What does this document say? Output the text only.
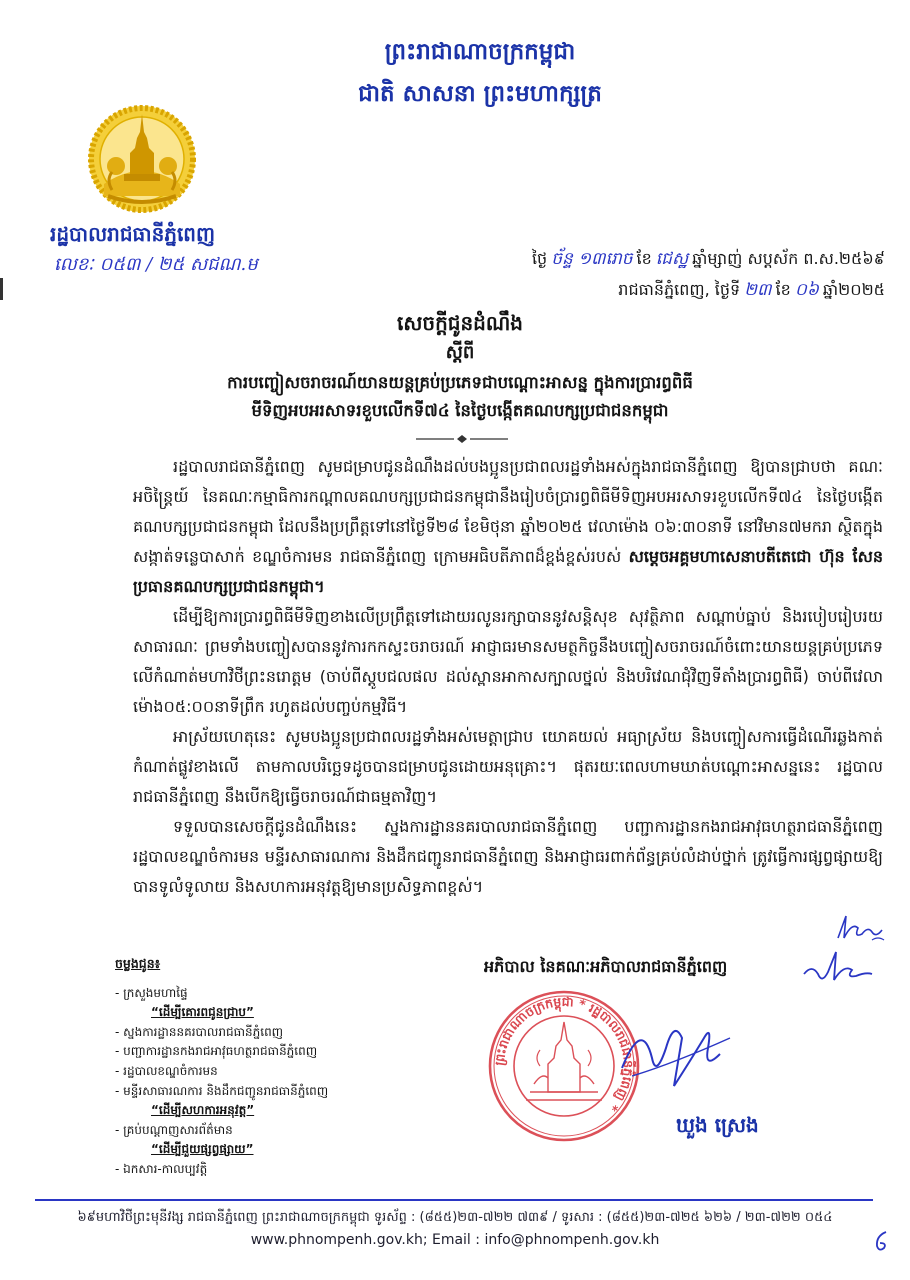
ព្រះរាជាណាចក្រកម្ពុជា
ជាតិ សាសនា ព្រះមហាក្សត្រ
រដ្ឋបាលរាជធានីភ្នំពេញ
លេខៈ ០៥៣ / ២៥ សជណ.ម	ថ្ងៃ ច័ន្ទ ១៣រោច ខែ ជេស្ឋ ឆ្នាំម្សាញ់ សប្តស័ក ព.ស.២៥៦៩
រាជធានីភ្នំពេញ, ថ្ងៃទី ២៣ ខែ ០៦ ឆ្នាំ២០២៥
សេចក្តីជូនដំណឹង
ស្តីពី
ការបញ្ចៀសចរាចរណ៍យានយន្តគ្រប់ប្រភេទជាបណ្តោះអាសន្ន ក្នុងការប្រារព្ធពិធី
មីទិញអបអរសាទរខួបលើកទី៧៤ នៃថ្ងៃបង្កើតគណបក្សប្រជាជនកម្ពុជា

រដ្ឋបាលរាជធានីភ្នំពេញ សូមជម្រាបជូនដំណឹងដល់បងប្អូនប្រជាពលរដ្ឋទាំងអស់ក្នុងរាជធានីភ្នំពេញ ឱ្យបានជ្រាបថា គណៈអចិន្ត្រៃយ៍ នៃគណៈកម្មាធិការកណ្តាលគណបក្សប្រជាជនកម្ពុជានឹងរៀបចំប្រារព្ធពិធីមីទិញអបអរសាទរខួបលើកទី៧៤ នៃថ្ងៃបង្កើតគណបក្សប្រជាជនកម្ពុជា ដែលនឹងប្រព្រឹត្តទៅនៅថ្ងៃទី២៨ ខែមិថុនា ឆ្នាំ២០២៥ វេលាម៉ោង ០៦:៣០នាទី នៅវិមាន៧មករា ស្ថិតក្នុងសង្កាត់ទន្លេបាសាក់ ខណ្ឌចំការមន រាជធានីភ្នំពេញ ក្រោមអធិបតីភាពដ៏ខ្ពង់ខ្ពស់របស់ សម្តេចអគ្គមហាសេនាបតីតេជោ ហ៊ុន សែន ប្រធានគណបក្សប្រជាជនកម្ពុជា។

ដើម្បីឱ្យការប្រារព្ធពិធីមីទិញខាងលើប្រព្រឹត្តទៅដោយរលូនរក្សាបាននូវសន្តិសុខ សុវត្ថិភាព សណ្តាប់ធ្នាប់ និងរបៀបរៀបរយសាធារណៈ ព្រមទាំងបញ្ចៀសបាននូវការកកស្ទះចរាចរណ៍ អាជ្ញាធរមានសមត្ថកិច្ចនឹងបញ្ចៀសចរាចរណ៍ចំពោះយានយន្តគ្រប់ប្រភេទ លើកំណាត់មហាវិថីព្រះនរោត្តម (ចាប់ពីស្តូបជលផល ដល់ស្ពានអាកាសក្បាលថ្នល់ និងបរិវេណជុំវិញទីតាំងប្រារព្ធពិធី) ចាប់ពីវេលាម៉ោង០៥:០០នាទីព្រឹក រហូតដល់បញ្ចប់កម្មវិធី។

អាស្រ័យហេតុនេះ សូមបងប្អូនប្រជាពលរដ្ឋទាំងអស់មេត្តាជ្រាប យោគយល់ អធ្យាស្រ័យ និងបញ្ចៀសការធ្វើដំណើរឆ្លងកាត់កំណាត់ផ្លូវខាងលើ តាមកាលបរិច្ឆេទដូចបានជម្រាបជូនដោយអនុគ្រោះ។ ផុតរយៈពេលហាមឃាត់បណ្តោះអាសន្ននេះ រដ្ឋបាលរាជធានីភ្នំពេញ នឹងបើកឱ្យធ្វើចរាចរណ៍ជាធម្មតាវិញ។

ទទួលបានសេចក្តីជូនដំណឹងនេះ ស្នងការដ្ឋាននគរបាលរាជធានីភ្នំពេញ បញ្ជាការដ្ឋានកងរាជអាវុធហត្ថរាជធានីភ្នំពេញ រដ្ឋបាលខណ្ឌចំការមន មន្ទីរសាធារណការ និងដឹកជញ្ជូនរាជធានីភ្នំពេញ និងអាជ្ញាធរពាក់ព័ន្ធគ្រប់លំដាប់ថ្នាក់ ត្រូវធ្វើការផ្សព្វផ្សាយឱ្យបានទូលំទូលាយ និងសហការអនុវត្តឱ្យមានប្រសិទ្ធភាពខ្ពស់។

ចម្លងជូន៖
- ក្រសួងមហាផ្ទៃ
“ដើម្បីគោរពជូនជ្រាប”
- ស្នងការដ្ឋាននគរបាលរាជធានីភ្នំពេញ
- បញ្ជាការដ្ឋានកងរាជអាវុធហត្ថរាជធានីភ្នំពេញ
- រដ្ឋបាលខណ្ឌចំការមន
- មន្ទីរសាធារណការ និងដឹកជញ្ជូនរាជធានីភ្នំពេញ
“ដើម្បីសហការអនុវត្ត”
- គ្រប់បណ្តាញសារព័ត៌មាន
“ដើម្បីជួយផ្សព្វផ្សាយ”
- ឯកសារ-កាលប្បវត្តិ
អភិបាល នៃគណៈអភិបាលរាជធានីភ្នំពេញ
ព្រះរាជាណាចក្រកម្ពុជា * រដ្ឋបាលរាជធានីភ្នំពេញ *
ឃួង ស្រេង
៦៩មហាវិថីព្រះមុនីវង្ស រាជធានីភ្នំពេញ ព្រះរាជាណាចក្រកម្ពុជា ទូរស័ព្ទ : (៨៥៥)២៣-៧២២ ៧៣៩ / ទូរសារ : (៨៥៥)២៣-៧២៥ ៦២៦ / ២៣-៧២២ ០៥៤
www.phnompenh.gov.kh; Email : info@phnompenh.gov.kh
